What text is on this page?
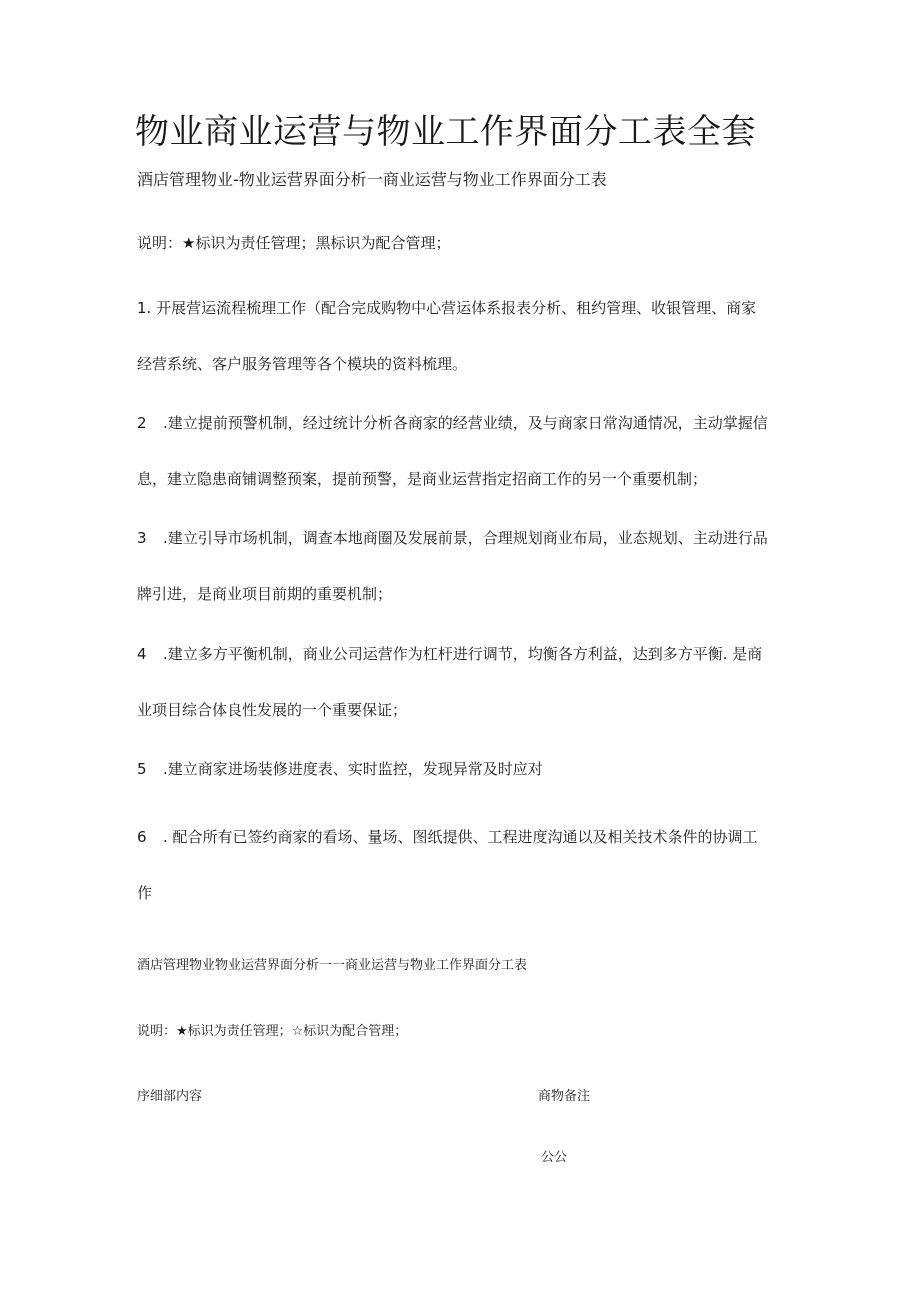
物业商业运营与物业工作界面分工表全套
酒店管理物业-物业运营界面分析一商业运营与物业工作界面分工表
说明：★标识为责任管理；黑标识为配合管理；
1. 开展营运流程梳理工作（配合完成购物中心营运体系报表分析、租约管理、收银管理、商家
经营系统、客户服务管理等各个模块的资料梳理。
2 .建立提前预警机制，经过统计分析各商家的经营业绩，及与商家日常沟通情况，主动掌握信
息，建立隐患商铺调整预案，提前预警，是商业运营指定招商工作的另一个重要机制；
3 .建立引导市场机制，调查本地商圈及发展前景，合理规划商业布局，业态规划、主动进行品
牌引进，是商业项目前期的重要机制；
4 .建立多方平衡机制，商业公司运营作为杠杆进行调节，均衡各方利益，达到多方平衡. 是商
业项目综合体良性发展的一个重要保证；
5 .建立商家进场装修进度表、实时监控，发现异常及时应对
6 . 配合所有已签约商家的看场、量场、图纸提供、工程进度沟通以及相关技术条件的协调工
作
酒店管理物业物业运营界面分析一一商业运营与物业工作界面分工表
说明：★标识为责任管理；☆标识为配合管理；
序细部内容	商物备注
公公
